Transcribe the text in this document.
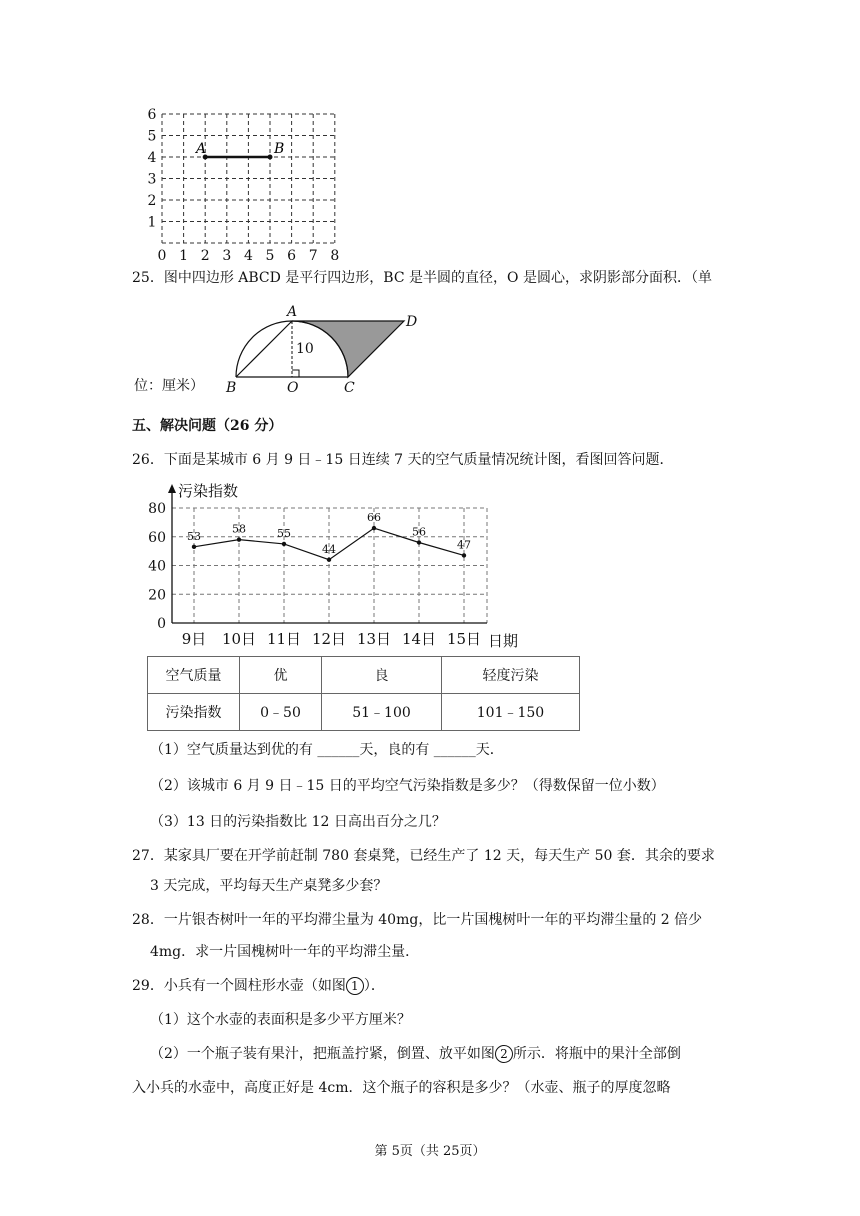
6
5
4
3
2
1
0 1 2 3 4 5 6 7 8
A	B
25．图中四边形 ABCD 是平行四边形，BC 是半圆的直径，O 是圆心，求阴影部分面积．（单
A
B	C
D
O
10
位：厘米）
五、解决问题（26 分）
26．下面是某城市 6 月 9 日﹣15 日连续 7 天的空气质量情况统计图，看图回答问题．
污染指数
日期
0
20
40
60
80
9日 10日 11日 12日 13日 14日 15日
53
58	55
44
66
56
47
空气质量	优	良	轻度污染
污染指数	0﹣50	51﹣100	101﹣150
（1）空气质量达到优的有 ______天，良的有 ______天．
（2）该城市 6 月 9 日﹣15 日的平均空气污染指数是多少？（得数保留一位小数）
（3）13 日的污染指数比 12 日高出百分之几？
27．某家具厂要在开学前赶制 780 套桌凳，已经生产了 12 天，每天生产 50 套．其余的要求
3 天完成，平均每天生产桌凳多少套？
28．一片银杏树叶一年的平均滞尘量为 40mg，比一片国槐树叶一年的平均滞尘量的 2 倍少
4mg．求一片国槐树叶一年的平均滞尘量．
29．小兵有一个圆柱形水壶（如图 1 ）．
（1）这个水壶的表面积是多少平方厘米？
（2）一个瓶子装有果汁，把瓶盖拧紧，倒置、放平如图 2 所示．将瓶中的果汁全部倒
入小兵的水壶中，高度正好是 4cm．这个瓶子的容积是多少？（水壶、瓶子的厚度忽略
第 5页（共 25页）
